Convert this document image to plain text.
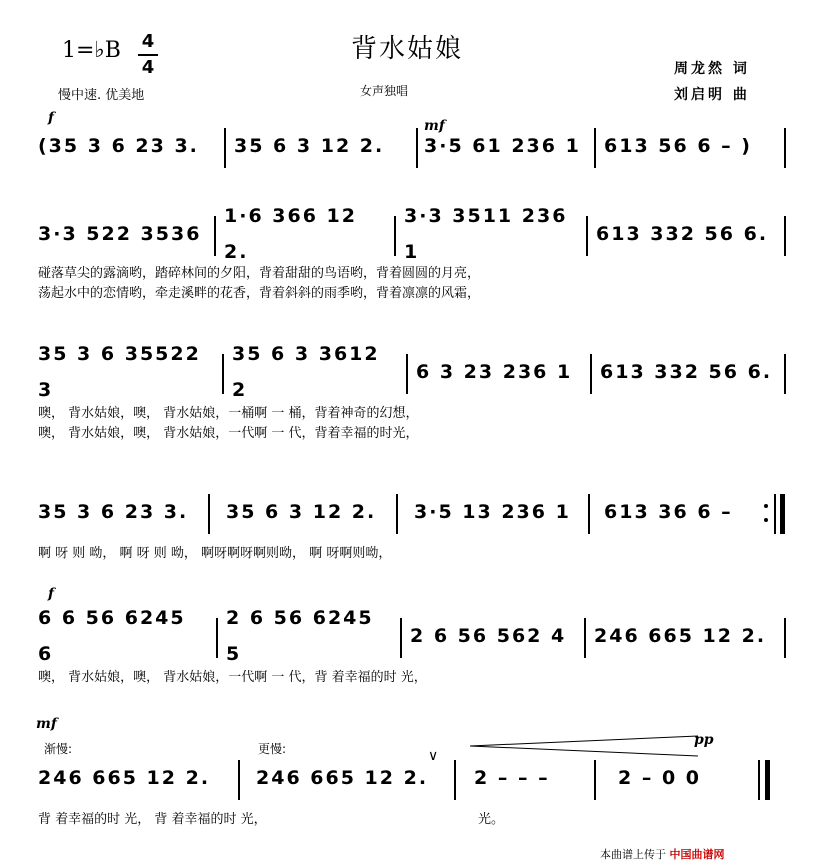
背水姑娘
1=♭B 4
4
慢中速. 优美地	女声独唱
周龙然 词
刘启明 曲
f	mf
(35 3 6 23 3.	35 6 3 12 2.	3·5 61 236 1	613 56 6 – )
3·3 522 3536
1·6 366 12 2.
3·3 3511 236 1
613 332 56 6.
碰落草尖的露滴哟，踏碎林间的夕阳，背着甜甜的鸟语哟，背着圆圆的月亮，
荡起水中的恋情哟，牵走溪畔的花香，背着斜斜的雨季哟，背着凛凛的风霜，
35 3 6 35522 3
35 6 3 3612 2
6 3 23 236 1	613 332 56 6.
噢， 背水姑娘，噢， 背水姑娘，一桶啊 一 桶，背着神奇的幻想，
噢， 背水姑娘，噢， 背水姑娘，一代啊 一 代，背着幸福的时光，
35 3 6 23 3. 35 6 3 12 2.	3·5 13 236 1	613 36 6 –
啊 呀 则 呦， 啊 呀 则 呦， 啊呀啊呀啊则呦， 啊 呀啊则呦，
f
6 6 56 6245 6
2 6 56 6245 5
2 6 56 562 4	246 665 12 2.
噢， 背水姑娘，噢， 背水姑娘，一代啊 一 代，背 着幸福的时 光，
mf
渐慢:	更慢:
pp
∨
246 665 12 2.	246 665 12 2. 2 – – –	2 – 0 0
背 着幸福的时 光， 背 着幸福的时 光，	光。
本曲谱上传于 中国曲谱网
